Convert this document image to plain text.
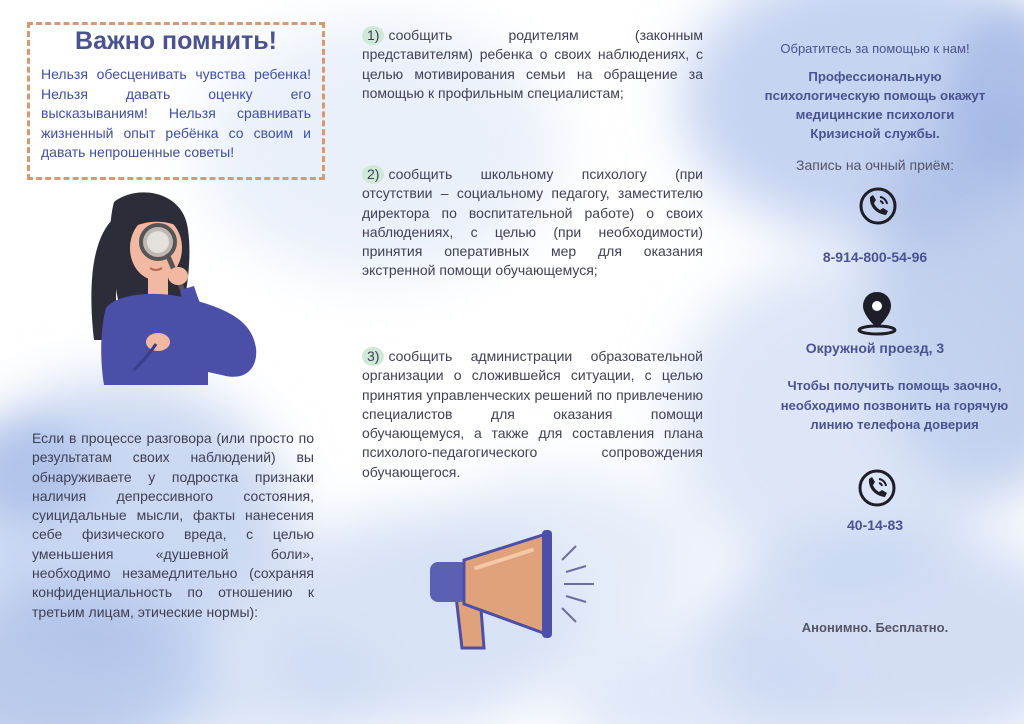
Важно помнить!
Нельзя обесценивать чувства ребенка! Нельзя давать оценку его высказываниям! Нельзя сравнивать жизненный опыт ребёнка со своим и давать непрошенные советы!
Если в процессе разговора (или просто по результатам своих наблюдений) вы обнаруживаете у подростка признаки наличия депрессивного состояния, суицидальные мысли, факты нанесения себе физического вреда, с целью уменьшения «душевной боли», необходимо незамедлительно (сохраняя конфиденциальность по отношению к третьим лицам, этические нормы):
1) сообщить родителям (законным представителям) ребенка о своих наблюдениях, с целью мотивирования семьи на обращение за помощью к профильным специалистам;
2) сообщить школьному психологу (при отсутствии – социальному педагогу, заместителю директора по воспитательной работе) о своих наблюдениях, с целью (при необходимости) принятия оперативных мер для оказания экстренной помощи обучающемуся;
3) сообщить администрации образовательной организации о сложившейся ситуации, с целью принятия управленческих решений по привлечению специалистов для оказания помощи обучающемуся, а также для составления плана психолого-педагогического сопровождения обучающегося.
Обратитесь за помощью к нам!
Профессиональную психологическую помощь окажут медицинские психологи Кризисной службы.
Запись на очный приём:
8-914-800-54-96
Окружной проезд, 3
Чтобы получить помощь заочно, необходимо позвонить на горячую линию телефона доверия
40-14-83
Анонимно. Бесплатно.
